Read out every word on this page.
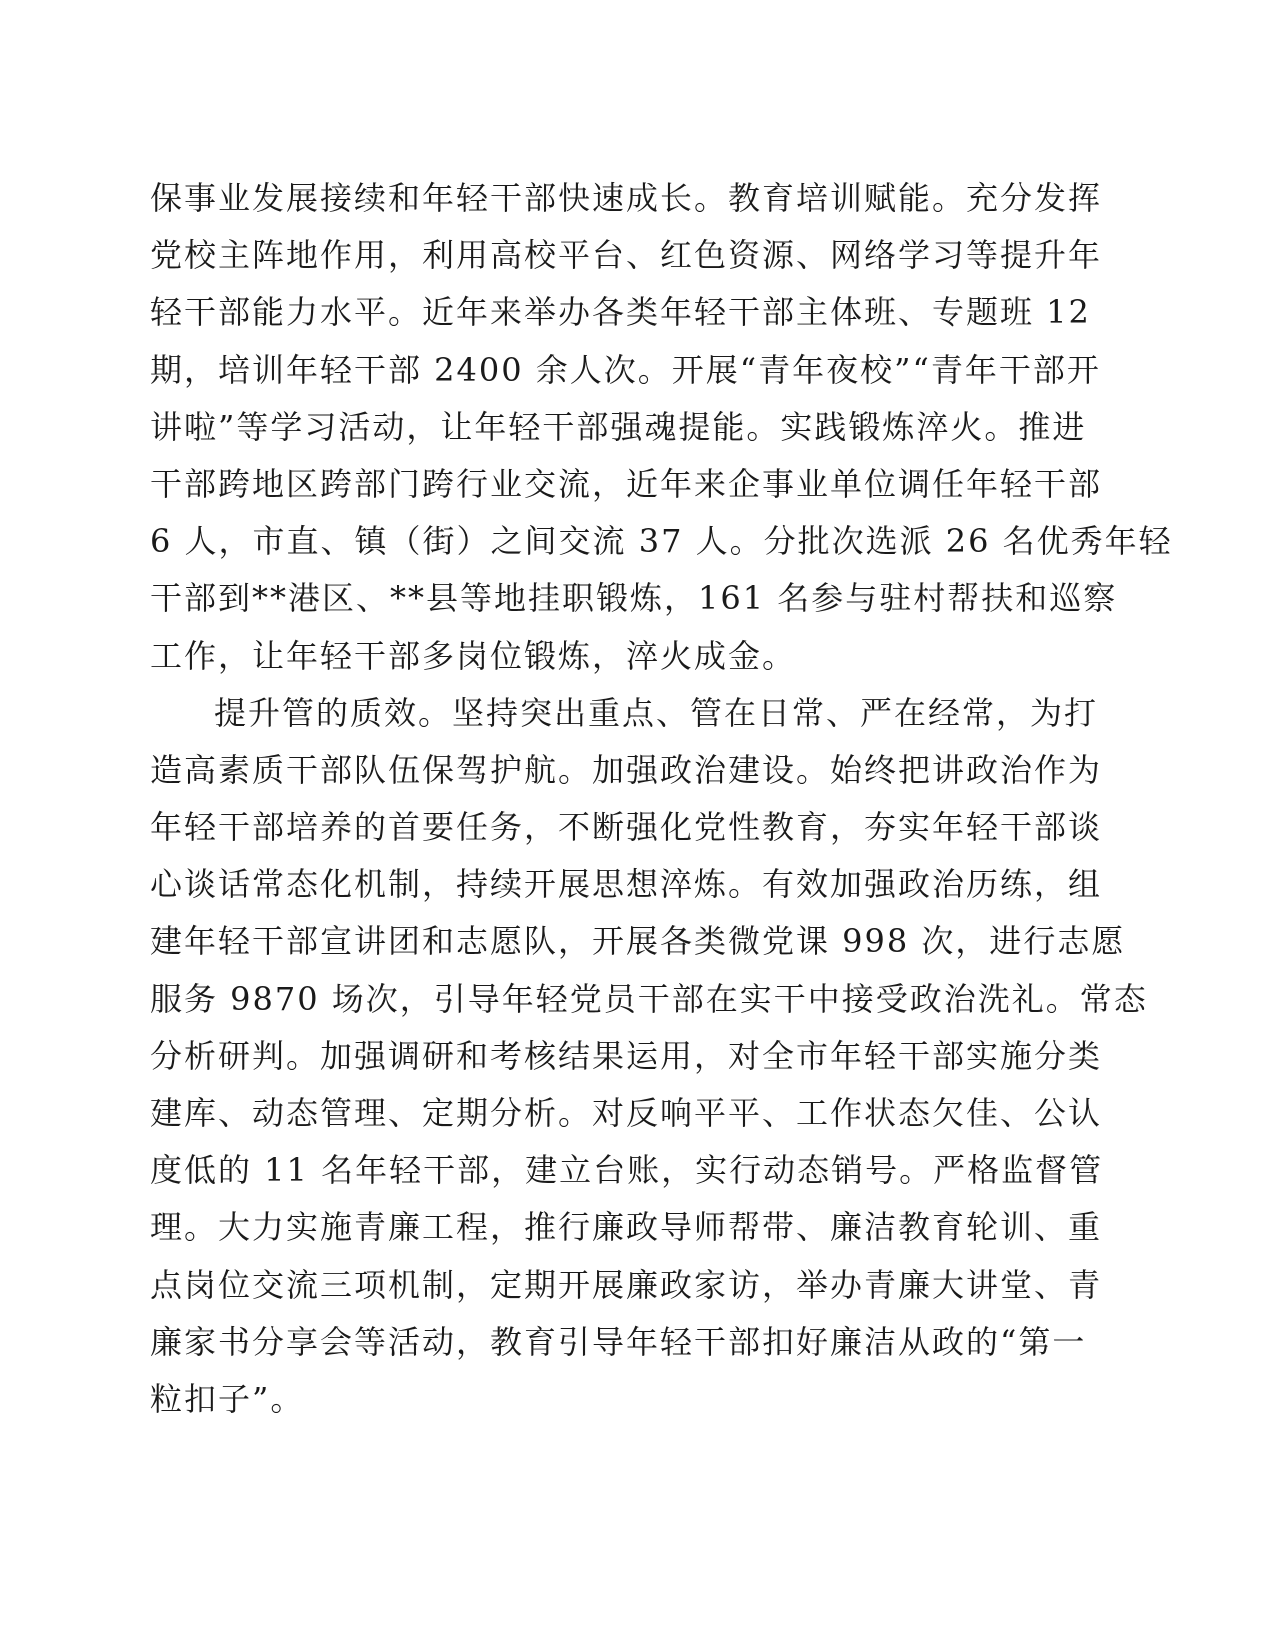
保事业发展接续和年轻干部快速成长。教育培训赋能。充分发挥
党校主阵地作用，利用高校平台、红色资源、网络学习等提升年
轻干部能力水平。近年来举办各类年轻干部主体班、专题班 12
期，培训年轻干部 2400 余人次。开展“青年夜校”“青年干部开
讲啦”等学习活动，让年轻干部强魂提能。实践锻炼淬火。推进
干部跨地区跨部门跨行业交流，近年来企事业单位调任年轻干部
6 人，市直、镇（街）之间交流 37 人。分批次选派 26 名优秀年轻
干部到**港区、**县等地挂职锻炼，161 名参与驻村帮扶和巡察
工作，让年轻干部多岗位锻炼，淬火成金。
提升管的质效。坚持突出重点、管在日常、严在经常，为打
造高素质干部队伍保驾护航。加强政治建设。始终把讲政治作为
年轻干部培养的首要任务，不断强化党性教育，夯实年轻干部谈
心谈话常态化机制，持续开展思想淬炼。有效加强政治历练，组
建年轻干部宣讲团和志愿队，开展各类微党课 998 次，进行志愿
服务 9870 场次，引导年轻党员干部在实干中接受政治洗礼。常态
分析研判。加强调研和考核结果运用，对全市年轻干部实施分类
建库、动态管理、定期分析。对反响平平、工作状态欠佳、公认
度低的 11 名年轻干部，建立台账，实行动态销号。严格监督管
理。大力实施青廉工程，推行廉政导师帮带、廉洁教育轮训、重
点岗位交流三项机制，定期开展廉政家访，举办青廉大讲堂、青
廉家书分享会等活动，教育引导年轻干部扣好廉洁从政的“第一
粒扣子”。
